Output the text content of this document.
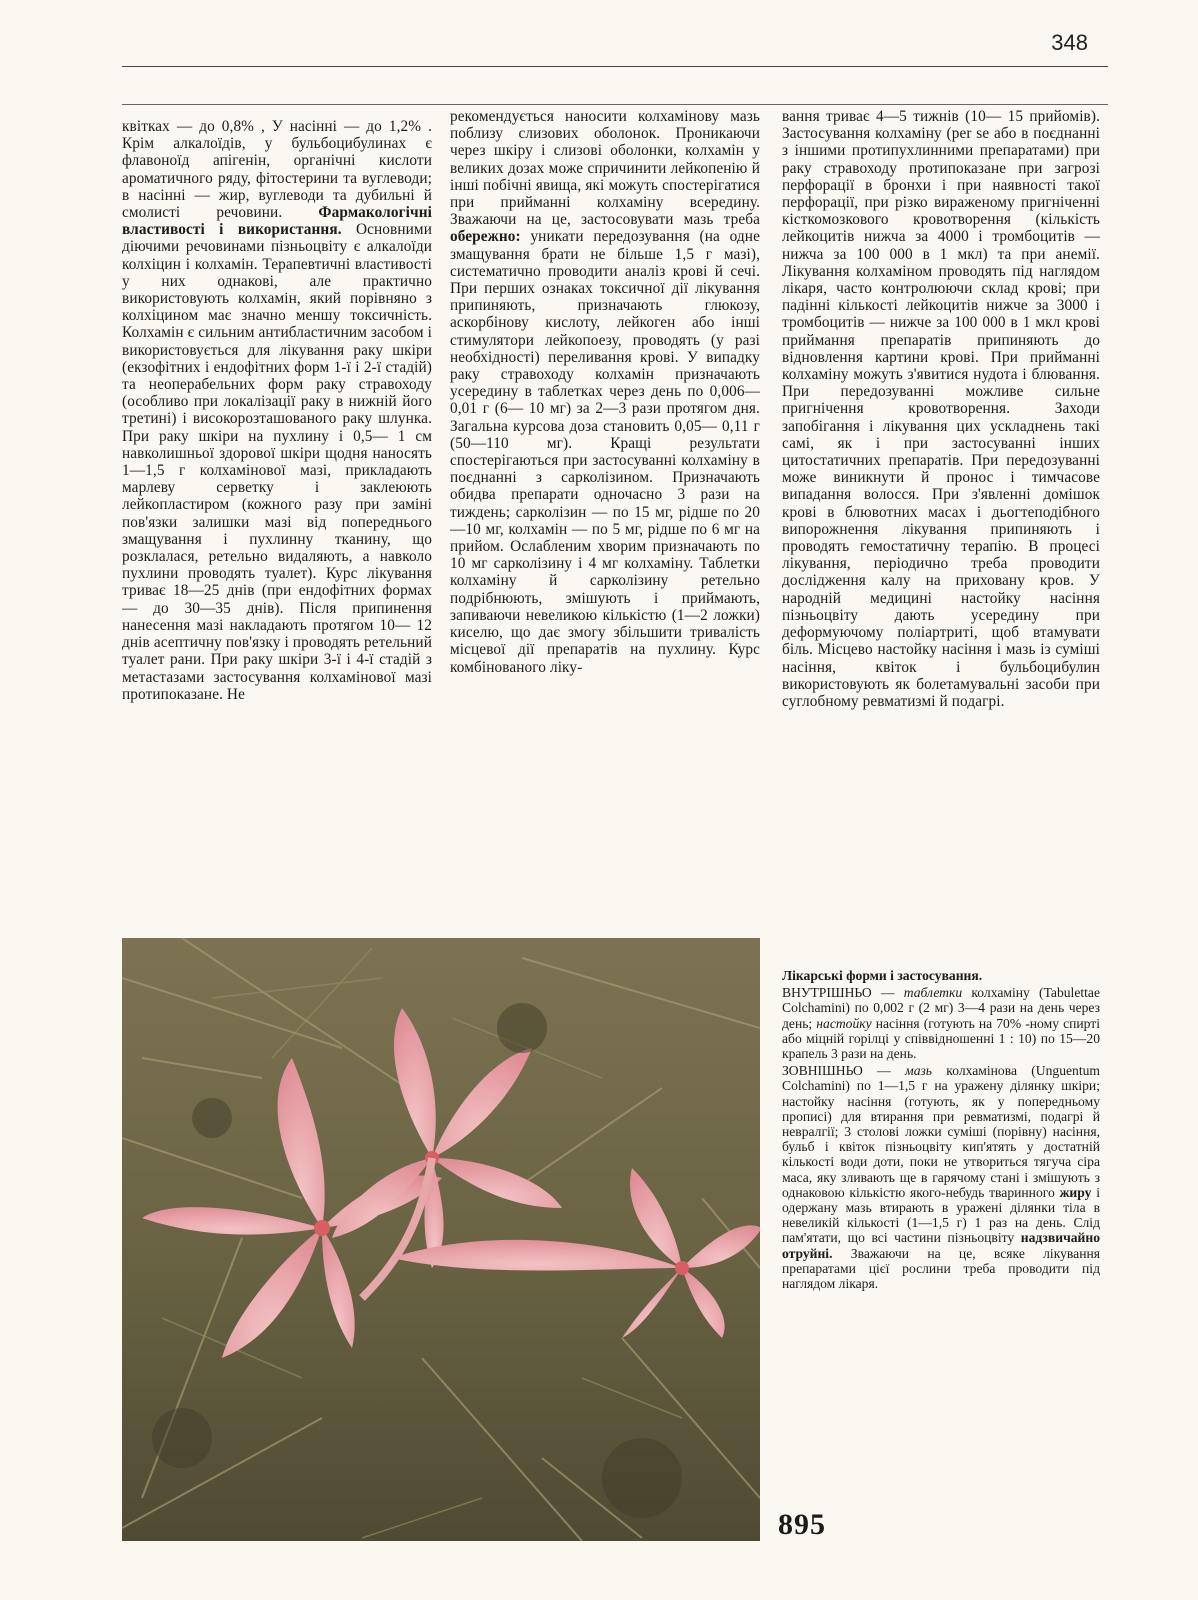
348

квітках — до 0,8% , У насінні — до 1,2% . Крім алкалоїдів, у бульбоцибулинах є флавоноїд апігенін, органічні кислоти ароматичного ряду, фітостерини та вуглеводи; в насінні — жир, вуглеводи та дубильні й смолисті речовини. Фармакологічні властивості і використання. Основними діючими речовинами пізньоцвіту є алкалоїди колхіцин і колхамін. Терапевтичні властивості у них однакові, але практично використовують колхамін, який порівняно з колхіцином має значно меншу токсичність. Колхамін є сильним антибластичним засобом і використовується для лікування раку шкіри (екзофітних і ендофітних форм 1-ї і 2-ї стадій) та неоперабельних форм раку стравоходу (особливо при локалізації раку в нижній його третині) і високорозташованого раку шлунка. При раку шкіри на пухлину і 0,5— 1 см навколишньої здорової шкіри щодня наносять 1—1,5 г колхамінової мазі, прикладають марлеву серветку і заклеюють лейкопластиром (кожного разу при заміні пов'язки залишки мазі від попереднього змащування і пухлинну тканину, що розклалася, ретельно видаляють, а навколо пухлини проводять туалет). Курс лікування триває 18—25 днів (при ендофітних формах — до 30—35 днів). Після припинення нанесення мазі накладають протягом 10— 12 днів асептичну пов'язку і проводять ретельний туалет рани. При раку шкіри 3-ї і 4-ї стадій з метастазами застосування колхамінової мазі протипоказане. Не

рекомендується наносити колхамінову мазь поблизу слизових оболонок. Проникаючи через шкіру і слизові оболонки, колхамін у великих дозах може спричинити лейкопенію й інші побічні явища, які можуть спостерігатися при прийманні колхаміну всередину. Зважаючи на це, застосовувати мазь треба обережно: уникати передозування (на одне змащування брати не більше 1,5 г мазі), систематично проводити аналіз крові й сечі. При перших ознаках токсичної дії лікування припиняють, призначають глюкозу, аскорбінову кислоту, лейкоген або інші стимулятори лейкопоезу, проводять (у разі необхідності) переливання крові. У випадку раку стравоходу колхамін призначають усередину в таблетках через день по 0,006—0,01 г (6— 10 мг) за 2—3 рази протягом дня. Загальна курсова доза становить 0,05— 0,11 г (50—110 мг). Кращі результати спостерігаються при застосуванні колхаміну в поєднанні з сарколізином. Призначають обидва препарати одночасно 3 рази на тиждень; сарколізин — по 15 мг, рідше по 20—10 мг, колхамін — по 5 мг, рідше по 6 мг на прийом. Ослабленим хворим призначають по 10 мг сарколізину і 4 мг колхаміну. Таблетки колхаміну й сарколізину ретельно подрібнюють, змішують і приймають, запиваючи невеликою кількістю (1—2 ложки) киселю, що дає змогу збільшити тривалість місцевої дії препаратів на пухлину. Курс комбінованого ліку-

вання триває 4—5 тижнів (10— 15 прийомів). Застосування колхаміну (per se або в поєднанні з іншими протипухлинними препаратами) при раку стравоходу протипоказане при загрозі перфорації в бронхи і при наявності такої перфорації, при різко вираженому пригніченні кісткомозкового кровотворення (кількість лейкоцитів нижча за 4000 і тромбоцитів — нижча за 100 000 в 1 мкл) та при анемії. Лікування колхаміном проводять під наглядом лікаря, часто контролюючи склад крові; при падінні кількості лейкоцитів нижче за 3000 і тромбоцитів — нижче за 100 000 в 1 мкл крові приймання препаратів припиняють до відновлення картини крові. При прийманні колхаміну можуть з'явитися нудота і блювання. При передозуванні можливе сильне пригнічення кровотворення. Заходи запобігання і лікування цих ускладнень такі самі, як і при застосуванні інших цитостатичних препаратів. При передозуванні може виникнути й пронос і тимчасове випадання волосся. При з'явленні домішок крові в блювотних масах і дьогтеподібного випорожнення лікування припиняють і проводять гемостатичну терапію. В процесі лікування, періодично треба проводити дослідження калу на приховану кров. У народній медицині настойку насіння пізньоцвіту дають усередину при деформуючому поліартриті, щоб втамувати біль. Місцево настойку насіння і мазь із суміші насіння, квіток і бульбоцибулин використовують як болетамувальні засоби при суглобному ревматизмі й подагрі.

Лікарські форми і застосування.

ВНУТРІШНЬО — таблетки колхаміну (Tabulettae Colchamini) по 0,002 г (2 мг) 3—4 рази на день через день; настойку насіння (готують на 70% -ному спирті або міцній горілці у співвідношенні 1 : 10) по 15—20 крапель 3 рази на день.

ЗОВНІШНЬО — мазь колхамінова (Unguentum Colchamini) по 1—1,5 г на уражену ділянку шкіри; настойку насіння (готують, як у попередньому прописі) для втирання при ревматизмі, подагрі й невралгії; 3 столові ложки суміші (порівну) насіння, бульб і квіток пізньоцвіту кип'ятять у достатній кількості води доти, поки не утвориться тягуча сіра маса, яку зливають ще в гарячому стані і змішують з однаковою кількістю якого-небудь тваринного жиру і одержану мазь втирають в уражені ділянки тіла в невеликій кількості (1—1,5 г) 1 раз на день. Слід пам'ятати, що всі частини пізньоцвіту надзвичайно отруйні. Зважаючи на це, всяке лікування препаратами цієї рослини треба проводити під наглядом лікаря.

895
